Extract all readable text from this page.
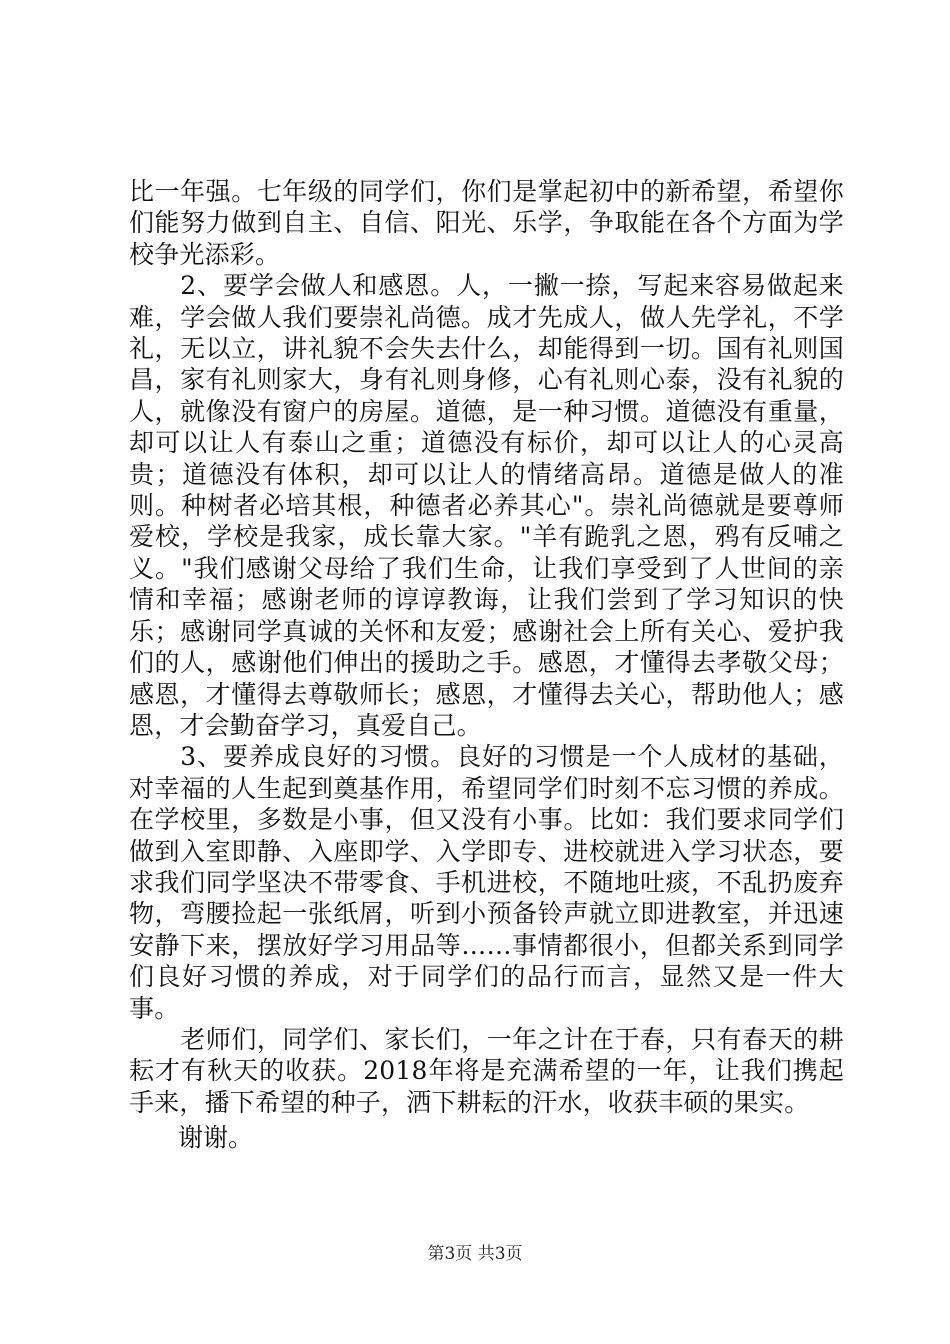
比一年强。七年级的同学们，你们是掌起初中的新希望，希望你们能努力做到自主、自信、阳光、乐学，争取能在各个方面为学校争光添彩。

2、要学会做人和感恩。人，一撇一捺，写起来容易做起来难，学会做人我们要崇礼尚德。成才先成人，做人先学礼，不学礼，无以立，讲礼貌不会失去什么，却能得到一切。国有礼则国昌，家有礼则家大，身有礼则身修，心有礼则心泰，没有礼貌的人，就像没有窗户的房屋。道德，是一种习惯。道德没有重量，却可以让人有泰山之重；道德没有标价，却可以让人的心灵高贵；道德没有体积，却可以让人的情绪高昂。道德是做人的准则。种树者必培其根，种德者必养其心"。崇礼尚德就是要尊师爱校，学校是我家，成长靠大家。"羊有跪乳之恩，鸦有反哺之义。"我们感谢父母给了我们生命，让我们享受到了人世间的亲情和幸福；感谢老师的谆谆教诲，让我们尝到了学习知识的快乐；感谢同学真诚的关怀和友爱；感谢社会上所有关心、爱护我们的人，感谢他们伸出的援助之手。感恩，才懂得去孝敬父母；感恩，才懂得去尊敬师长；感恩，才懂得去关心，帮助他人；感恩，才会勤奋学习，真爱自己。

3、要养成良好的习惯。良好的习惯是一个人成材的基础，对幸福的人生起到奠基作用，希望同学们时刻不忘习惯的养成。在学校里，多数是小事，但又没有小事。比如：我们要求同学们做到入室即静、入座即学、入学即专、进校就进入学习状态，要求我们同学坚决不带零食、手机进校，不随地吐痰，不乱扔废弃物，弯腰捡起一张纸屑，听到小预备铃声就立即进教室，并迅速安静下来，摆放好学习用品等……事情都很小，但都关系到同学们良好习惯的养成，对于同学们的品行而言，显然又是一件大事。

老师们，同学们、家长们，一年之计在于春，只有春天的耕耘才有秋天的收获。2018年将是充满希望的一年，让我们携起手来，播下希望的种子，洒下耕耘的汗水，收获丰硕的果实。

谢谢。

第3页 共3页
